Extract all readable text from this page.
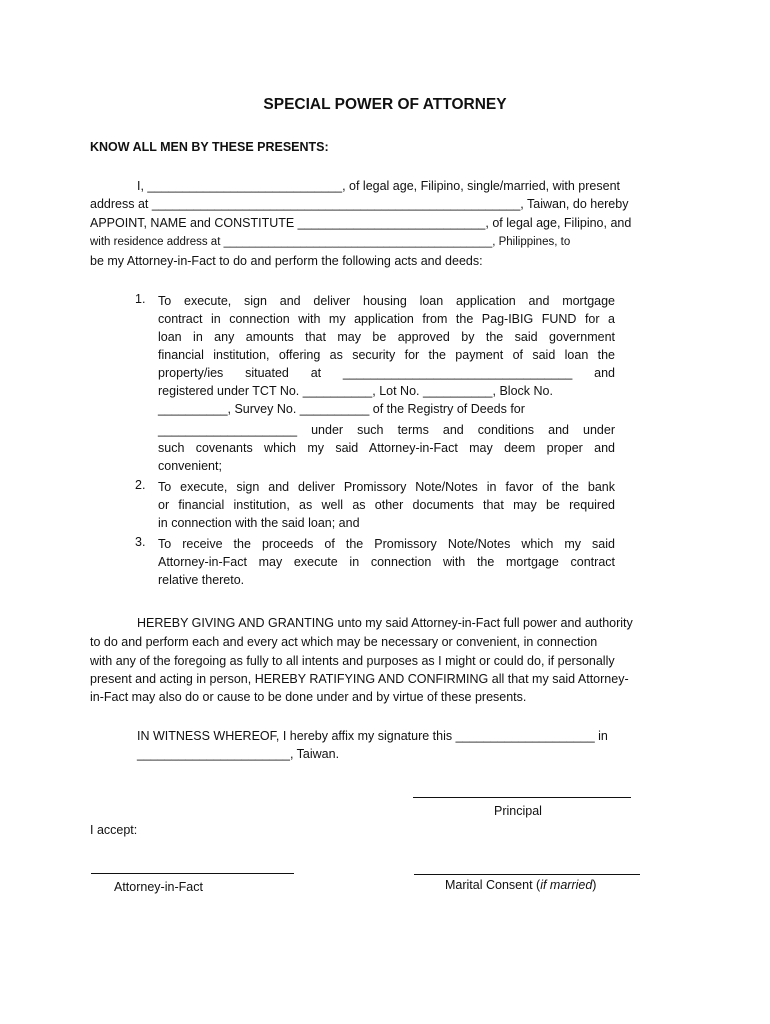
SPECIAL POWER OF ATTORNEY
KNOW ALL MEN BY THESE PRESENTS:
I, ____________________________, of legal age, Filipino, single/married, with present
address at _____________________________________________________, Taiwan, do hereby
APPOINT, NAME and CONSTITUTE ___________________________, of legal age, Filipino, and
with residence address at __________________________________________, Philippines, to
be my Attorney-in-Fact to do and perform the following acts and deeds:
1. To execute, sign and deliver housing loan application and mortgage
contract in connection with my application from the Pag-IBIG FUND for a
loan in any amounts that may be approved by the said government
financial institution, offering as security for the payment of said loan the
property/ies situated at _________________________________ and
registered under TCT No. __________, Lot No. __________, Block No.
__________, Survey No. __________ of the Registry of Deeds for
____________________ under such terms and conditions and under
such covenants which my said Attorney-in-Fact may deem proper and
convenient;
2. To execute, sign and deliver Promissory Note/Notes in favor of the bank
or financial institution, as well as other documents that may be required
in connection with the said loan; and
3. To receive the proceeds of the Promissory Note/Notes which my said
Attorney-in-Fact may execute in connection with the mortgage contract
relative thereto.
HEREBY GIVING AND GRANTING unto my said Attorney-in-Fact full power and authority
to do and perform each and every act which may be necessary or convenient, in connection
with any of the foregoing as fully to all intents and purposes as I might or could do, if personally
present and acting in person, HEREBY RATIFYING AND CONFIRMING all that my said Attorney-
in-Fact may also do or cause to be done under and by virtue of these presents.
IN WITNESS WHEREOF, I hereby affix my signature this ____________________ in
______________________, Taiwan.
Principal
I accept:
Attorney-in-Fact	Marital Consent (if married)
